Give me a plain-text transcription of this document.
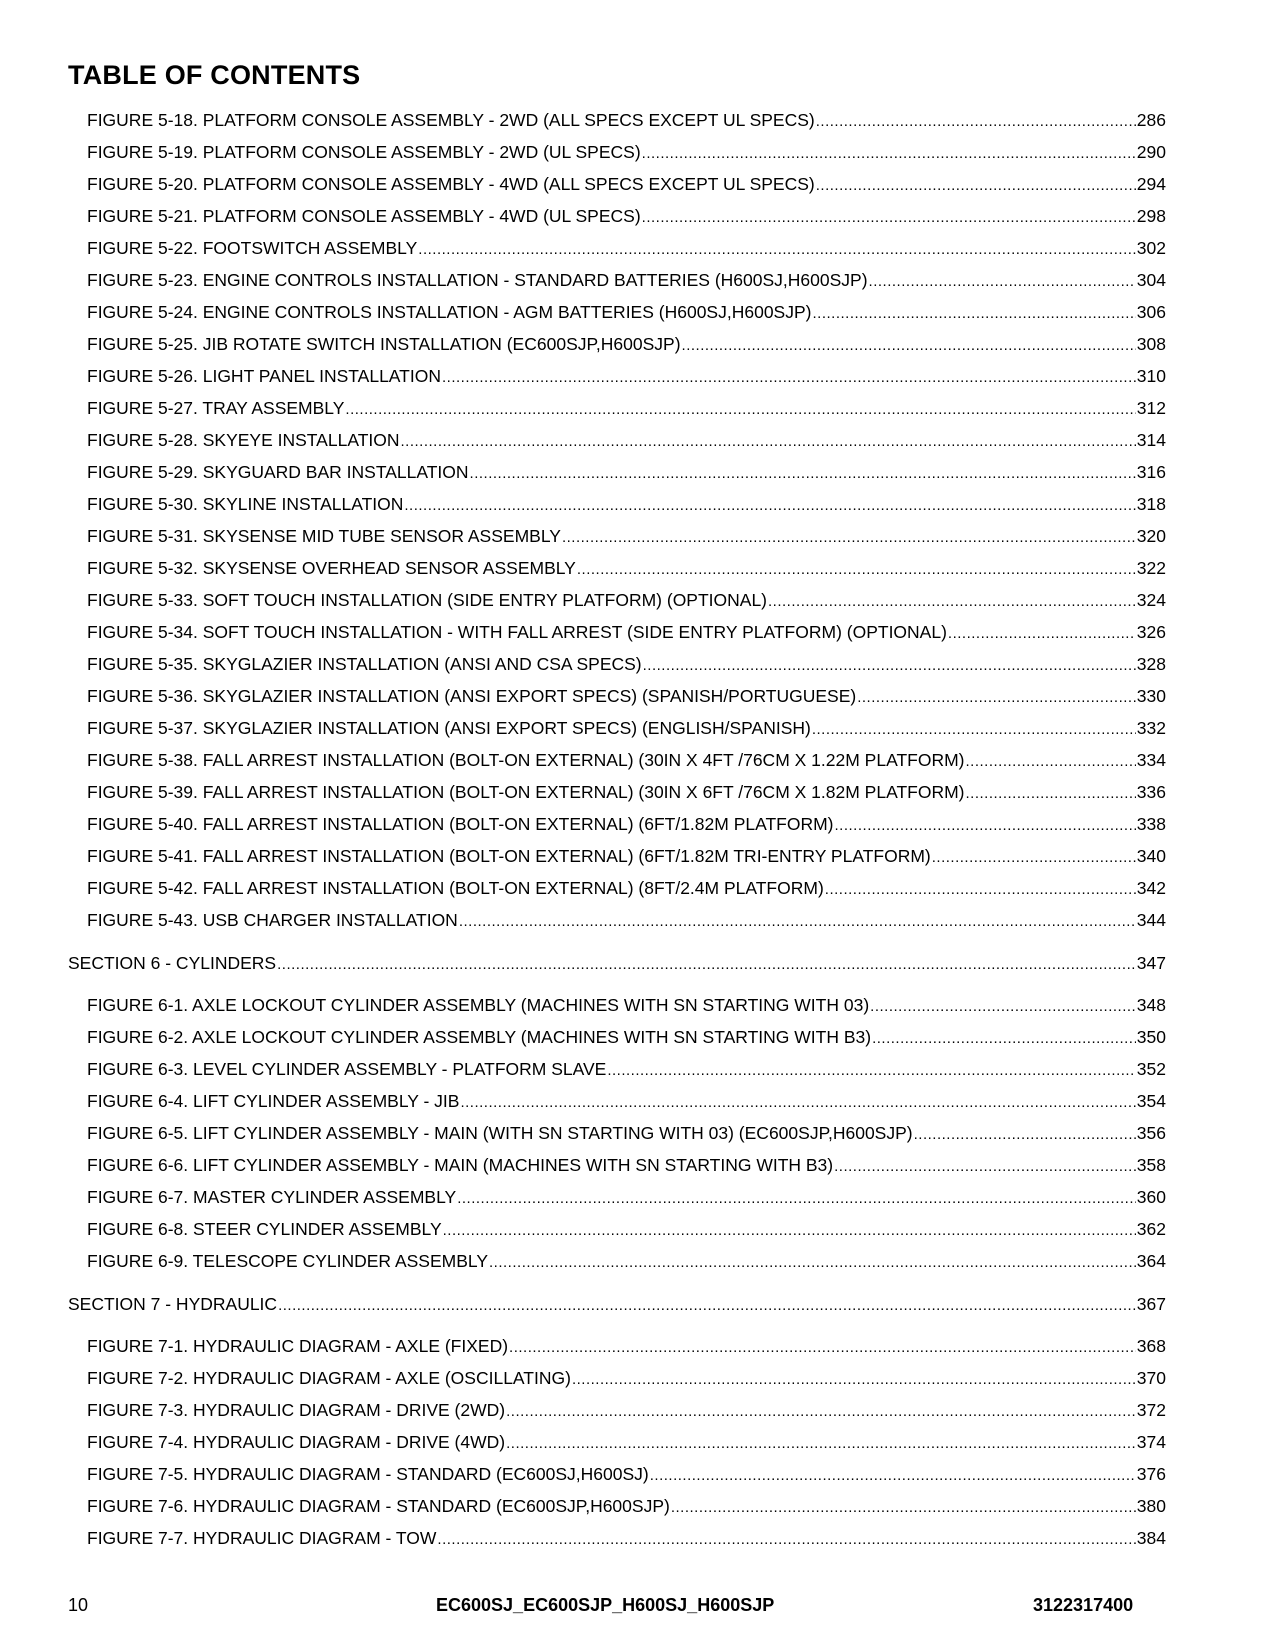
TABLE OF CONTENTS
FIGURE 5-18. PLATFORM CONSOLE ASSEMBLY - 2WD (ALL SPECS EXCEPT UL SPECS) .....	286
FIGURE 5-19. PLATFORM CONSOLE ASSEMBLY - 2WD (UL SPECS) .....	290
FIGURE 5-20. PLATFORM CONSOLE ASSEMBLY - 4WD (ALL SPECS EXCEPT UL SPECS) .....	294
FIGURE 5-21. PLATFORM CONSOLE ASSEMBLY - 4WD (UL SPECS) .....	298
FIGURE 5-22. FOOTSWITCH ASSEMBLY .....	302
FIGURE 5-23. ENGINE CONTROLS INSTALLATION - STANDARD BATTERIES (H600SJ,H600SJP) .....	304
FIGURE 5-24. ENGINE CONTROLS INSTALLATION - AGM BATTERIES (H600SJ,H600SJP) .....	306
FIGURE 5-25. JIB ROTATE SWITCH INSTALLATION (EC600SJP,H600SJP) .....	308
FIGURE 5-26. LIGHT PANEL INSTALLATION .....	310
FIGURE 5-27. TRAY ASSEMBLY .....	312
FIGURE 5-28. SKYEYE INSTALLATION .....	314
FIGURE 5-29. SKYGUARD BAR INSTALLATION .....	316
FIGURE 5-30. SKYLINE INSTALLATION .....	318
FIGURE 5-31. SKYSENSE MID TUBE SENSOR ASSEMBLY .....	320
FIGURE 5-32. SKYSENSE OVERHEAD SENSOR ASSEMBLY .....	322
FIGURE 5-33. SOFT TOUCH INSTALLATION (SIDE ENTRY PLATFORM) (OPTIONAL) .....	324
FIGURE 5-34. SOFT TOUCH INSTALLATION - WITH FALL ARREST (SIDE ENTRY PLATFORM) (OPTIONAL) .....	326
FIGURE 5-35. SKYGLAZIER INSTALLATION (ANSI AND CSA SPECS) .....	328
FIGURE 5-36. SKYGLAZIER INSTALLATION (ANSI EXPORT SPECS) (SPANISH/PORTUGUESE) .....	330
FIGURE 5-37. SKYGLAZIER INSTALLATION (ANSI EXPORT SPECS) (ENGLISH/SPANISH) .....	332
FIGURE 5-38. FALL ARREST INSTALLATION (BOLT-ON EXTERNAL) (30IN X 4FT /76CM X 1.22M PLATFORM) .....	334
FIGURE 5-39. FALL ARREST INSTALLATION (BOLT-ON EXTERNAL) (30IN X 6FT /76CM X 1.82M PLATFORM) .....	336
FIGURE 5-40. FALL ARREST INSTALLATION (BOLT-ON EXTERNAL) (6FT/1.82M PLATFORM) .....	338
FIGURE 5-41. FALL ARREST INSTALLATION (BOLT-ON EXTERNAL) (6FT/1.82M TRI-ENTRY PLATFORM) .....	340
FIGURE 5-42. FALL ARREST INSTALLATION (BOLT-ON EXTERNAL) (8FT/2.4M PLATFORM) .....	342
FIGURE 5-43. USB CHARGER INSTALLATION .....	344
SECTION 6 - CYLINDERS .....	347
FIGURE 6-1. AXLE LOCKOUT CYLINDER ASSEMBLY (MACHINES WITH SN STARTING WITH 03) .....	348
FIGURE 6-2. AXLE LOCKOUT CYLINDER ASSEMBLY (MACHINES WITH SN STARTING WITH B3) .....	350
FIGURE 6-3. LEVEL CYLINDER ASSEMBLY - PLATFORM SLAVE .....	352
FIGURE 6-4. LIFT CYLINDER ASSEMBLY - JIB .....	354
FIGURE 6-5. LIFT CYLINDER ASSEMBLY - MAIN (WITH SN STARTING WITH 03) (EC600SJP,H600SJP) .....	356
FIGURE 6-6. LIFT CYLINDER ASSEMBLY - MAIN (MACHINES WITH SN STARTING WITH B3) .....	358
FIGURE 6-7. MASTER CYLINDER ASSEMBLY .....	360
FIGURE 6-8. STEER CYLINDER ASSEMBLY .....	362
FIGURE 6-9. TELESCOPE CYLINDER ASSEMBLY .....	364
SECTION 7 - HYDRAULIC .....	367
FIGURE 7-1. HYDRAULIC DIAGRAM - AXLE (FIXED) .....	368
FIGURE 7-2. HYDRAULIC DIAGRAM - AXLE (OSCILLATING) .....	370
FIGURE 7-3. HYDRAULIC DIAGRAM - DRIVE (2WD) .....	372
FIGURE 7-4. HYDRAULIC DIAGRAM - DRIVE (4WD) .....	374
FIGURE 7-5. HYDRAULIC DIAGRAM - STANDARD (EC600SJ,H600SJ) .....	376
FIGURE 7-6. HYDRAULIC DIAGRAM - STANDARD (EC600SJP,H600SJP) .....	380
FIGURE 7-7. HYDRAULIC DIAGRAM - TOW .....	384
10	EC600SJ_EC600SJP_H600SJ_H600SJP	3122317400
